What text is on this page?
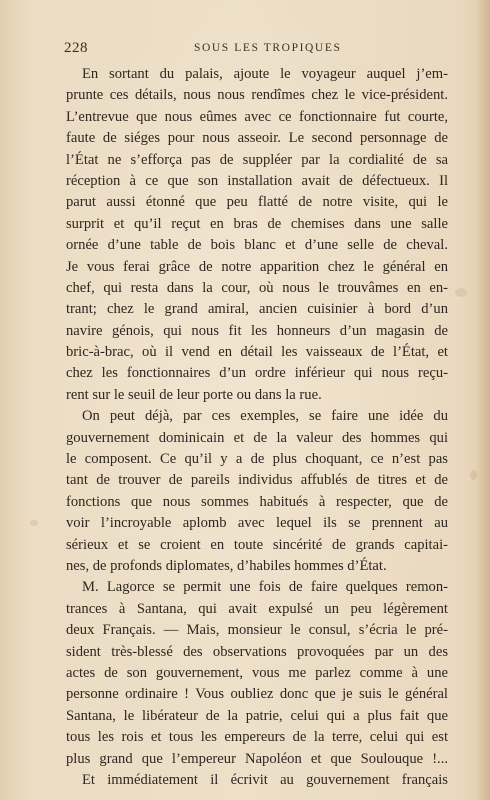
228	SOUS LES TROPIQUES
En sortant du palais, ajoute le voyageur auquel j’em-
prunte ces détails, nous nous rendîmes chez le vice-président.
L’entrevue que nous eûmes avec ce fonctionnaire fut courte,
faute de siéges pour nous asseoir. Le second personnage de
l’État ne s’efforça pas de suppléer par la cordialité de sa
réception à ce que son installation avait de défectueux. Il
parut aussi étonné que peu flatté de notre visite, qui le
surprit et qu’il reçut en bras de chemises dans une salle
ornée d’une table de bois blanc et d’une selle de cheval.
Je vous ferai grâce de notre apparition chez le général en
chef, qui resta dans la cour, où nous le trouvâmes en en-
trant; chez le grand amiral, ancien cuisinier à bord d’un
navire génois, qui nous fit les honneurs d’un magasin de
bric-à-brac, où il vend en détail les vaisseaux de l’État, et
chez les fonctionnaires d’un ordre inférieur qui nous reçu-
rent sur le seuil de leur porte ou dans la rue.
On peut déjà, par ces exemples, se faire une idée du
gouvernement dominicain et de la valeur des hommes qui
le composent. Ce qu’il y a de plus choquant, ce n’est pas
tant de trouver de pareils individus affublés de titres et de
fonctions que nous sommes habitués à respecter, que de
voir l’incroyable aplomb avec lequel ils se prennent au
sérieux et se croient en toute sincérité de grands capitai-
nes, de profonds diplomates, d’habiles hommes d’État.
M. Lagorce se permit une fois de faire quelques remon-
trances à Santana, qui avait expulsé un peu légèrement
deux Français. — Mais, monsieur le consul, s’écria le pré-
sident très-blessé des observations provoquées par un des
actes de son gouvernement, vous me parlez comme à une
personne ordinaire ! Vous oubliez donc que je suis le général
Santana, le libérateur de la patrie, celui qui a plus fait que
tous les rois et tous les empereurs de la terre, celui qui est
plus grand que l’empereur Napoléon et que Soulouque !...
Et immédiatement il écrivit au gouvernement français
